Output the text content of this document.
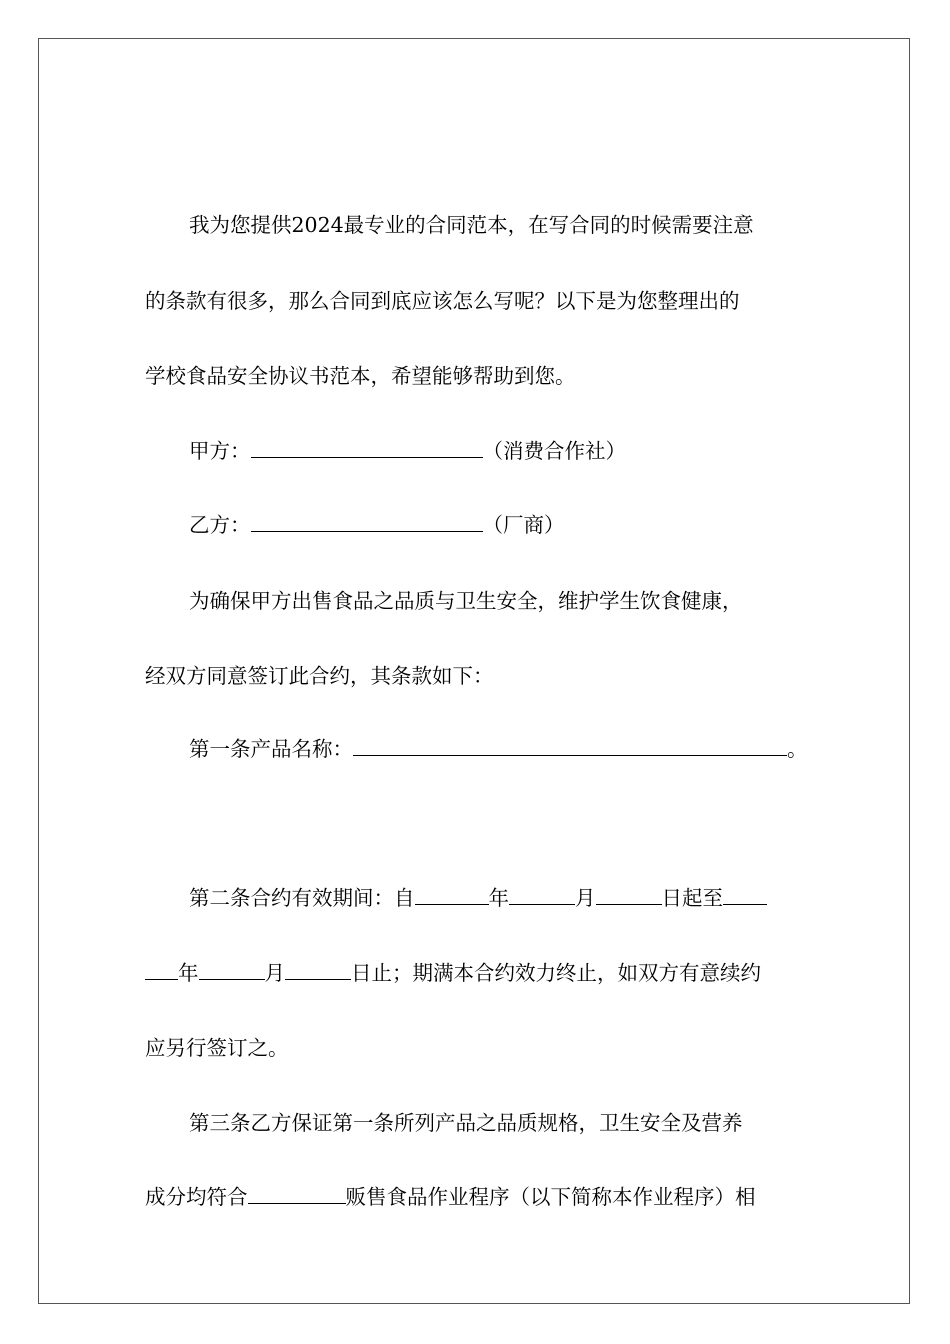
我为您提供2024最专业的合同范本，在写合同的时候需要注意
的条款有很多，那么合同到底应该怎么写呢？以下是为您整理出的
学校食品安全协议书范本，希望能够帮助到您。
甲方：	（消费合作社）
乙方：	（厂商）
为确保甲方出售食品之品质与卫生安全，维护学生饮食健康，
经双方同意签订此合约，其条款如下：
第一条产品名称：	。
第二条合约有效期间：自	年	月	日起至
年	月	日止；期满本合约效力终止，如双方有意续约
应另行签订之。
第三条乙方保证第一条所列产品之品质规格，卫生安全及营养
成分均符合	贩售食品作业程序（以下简称本作业程序）相
